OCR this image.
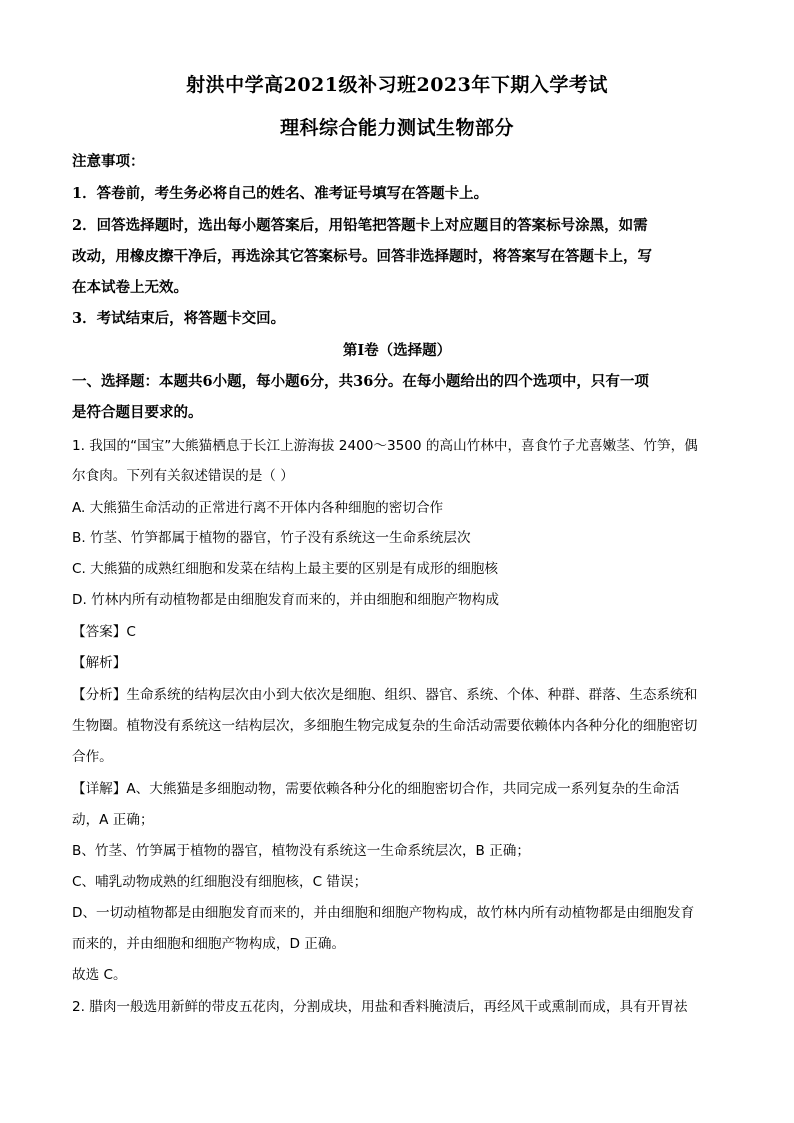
射洪中学高2021级补习班2023年下期入学考试
理科综合能力测试生物部分
注意事项：
1．答卷前，考生务必将自己的姓名、准考证号填写在答题卡上。
2．回答选择题时，选出每小题答案后，用铅笔把答题卡上对应题目的答案标号涂黑，如需
改动，用橡皮擦干净后，再选涂其它答案标号。回答非选择题时，将答案写在答题卡上，写
在本试卷上无效。
3．考试结束后，将答题卡交回。
第I卷（选择题）
一、选择题：本题共6小题，每小题6分，共36分。在每小题给出的四个选项中，只有一项
是符合题目要求的。
1. 我国的“国宝”大熊猫栖息于长江上游海拔 2400～3500 的高山竹林中，喜食竹子尤喜嫩茎、竹笋，偶
尔食肉。下列有关叙述错误的是（ ）
A. 大熊猫生命活动的正常进行离不开体内各种细胞的密切合作
B. 竹茎、竹笋都属于植物的器官，竹子没有系统这一生命系统层次
C. 大熊猫的成熟红细胞和发菜在结构上最主要的区别是有成形的细胞核
D. 竹林内所有动植物都是由细胞发育而来的，并由细胞和细胞产物构成
【答案】C
【解析】
【分析】生命系统的结构层次由小到大依次是细胞、组织、器官、系统、个体、种群、群落、生态系统和
生物圈。植物没有系统这一结构层次，多细胞生物完成复杂的生命活动需要依赖体内各种分化的细胞密切
合作。
【详解】A、大熊猫是多细胞动物，需要依赖各种分化的细胞密切合作，共同完成一系列复杂的生命活
动，A 正确；
B、竹茎、竹笋属于植物的器官，植物没有系统这一生命系统层次，B 正确；
C、哺乳动物成熟的红细胞没有细胞核，C 错误；
D、一切动植物都是由细胞发育而来的，并由细胞和细胞产物构成，故竹林内所有动植物都是由细胞发育
而来的，并由细胞和细胞产物构成，D 正确。
故选 C。
2. 腊肉一般选用新鲜的带皮五花肉，分割成块，用盐和香料腌渍后，再经风干或熏制而成，具有开胃祛
